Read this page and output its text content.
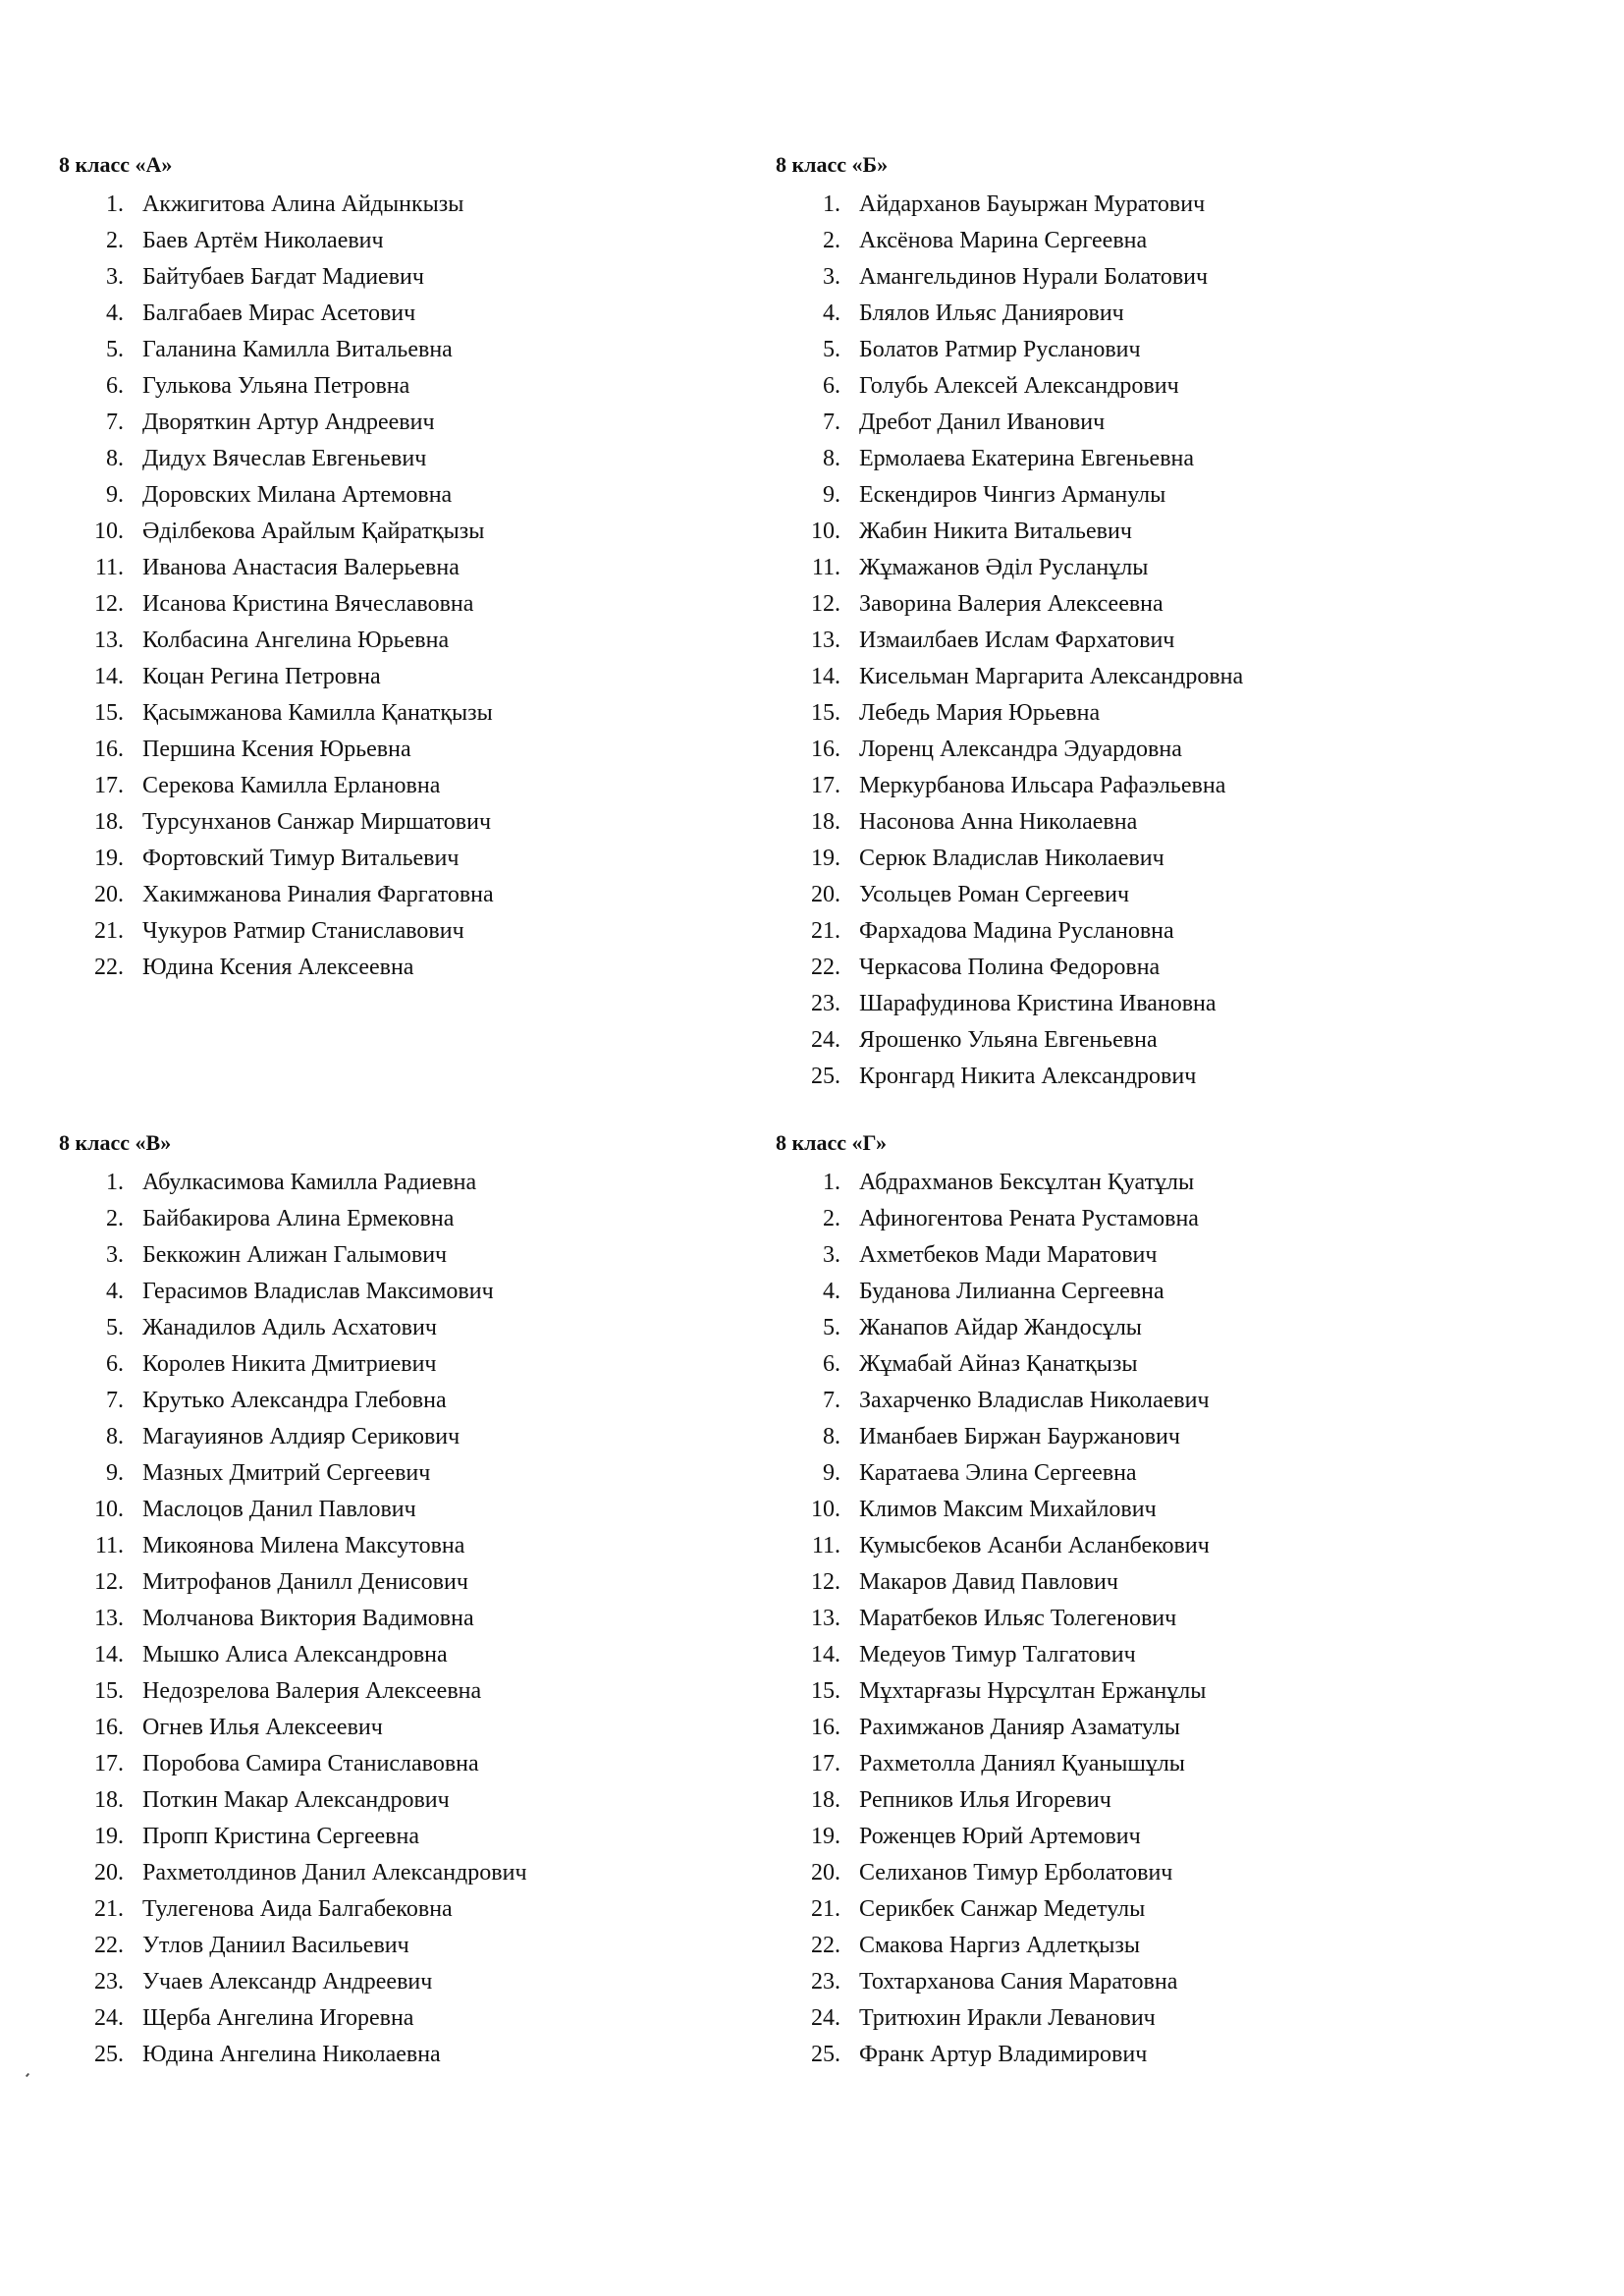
8 класс «А»
1. Акжигитова Алина Айдынкызы
2. Баев Артём Николаевич
3. Байтубаев Бағдат Мадиевич
4. Балгабаев Мирас Асетович
5. Галанина Камилла Витальевна
6. Гулькова Ульяна Петровна
7. Дворяткин Артур Андреевич
8. Дидух Вячеслав Евгеньевич
9. Доровских Милана Артемовна
10. Әділбекова Арайлым Қайратқызы
11. Иванова Анастасия Валерьевна
12. Исанова Кристина Вячеславовна
13. Колбасина Ангелина Юрьевна
14. Коцан Регина Петровна
15. Қасымжанова Камилла Қанатқызы
16. Першина Ксения Юрьевна
17. Серекова Камилла Ерлановна
18. Турсунханов Санжар Миршатович
19. Фортовский Тимур Витальевич
20. Хакимжанова Риналия Фаргатовна
21. Чукуров Ратмир Станиславович
22. Юдина Ксения Алексеевна
8 класс «Б»
1. Айдарханов Бауыржан Муратович
2. Аксёнова Марина Сергеевна
3. Амангельдинов Нурали Болатович
4. Блялов Ильяс Даниярович
5. Болатов Ратмир Русланович
6. Голубь Алексей Александрович
7. Дребот Данил Иванович
8. Ермолаева Екатерина Евгеньевна
9. Ескендиров Чингиз Арманулы
10. Жабин Никита Витальевич
11. Жұмажанов Әділ Русланұлы
12. Заворина Валерия Алексеевна
13. Измаилбаев Ислам Фархатович
14. Кисельман Маргарита Александровна
15. Лебедь Мария Юрьевна
16. Лоренц Александра Эдуардовна
17. Меркурбанова Ильсара Рафаэльевна
18. Насонова Анна Николаевна
19. Серюк Владислав Николаевич
20. Усольцев Роман Сергеевич
21. Фархадова Мадина Руслановна
22. Черкасова Полина Федоровна
23. Шарафудинова Кристина Ивановна
24. Ярошенко Ульяна Евгеньевна
25. Кронгард Никита Александрович
8 класс «В»
1. Абулкасимова Камилла Радиевна
2. Байбакирова Алина Ермековна
3. Беккожин Алижан Галымович
4. Герасимов Владислав Максимович
5. Жанадилов Адиль Асхатович
6. Королев Никита Дмитриевич
7. Крутько Александра Глебовна
8. Магауиянов Алдияр Серикович
9. Мазных Дмитрий Сергеевич
10. Маслоцов Данил Павлович
11. Микоянова Милена Максутовна
12. Митрофанов Данилл Денисович
13. Молчанова Виктория Вадимовна
14. Мышко Алиса Александровна
15. Недозрелова Валерия Алексеевна
16. Огнев Илья Алексеевич
17. Поробова Самира Станиславовна
18. Поткин Макар Александрович
19. Пропп Кристина Сергеевна
20. Рахметолдинов Данил Александрович
21. Тулегенова Аида Балгабековна
22. Утлов Даниил Васильевич
23. Учаев Александр Андреевич
24. Щерба Ангелина Игоревна
25. Юдина Ангелина Николаевна
8 класс «Г»
1. Абдрахманов Бексұлтан Қуатұлы
2. Афиногентова Рената Рустамовна
3. Ахметбеков Мади Маратович
4. Буданова Лилианна Сергеевна
5. Жанапов Айдар Жандосұлы
6. Жұмабай Айназ Қанатқызы
7. Захарченко Владислав Николаевич
8. Иманбаев Биржан Бауржанович
9. Каратаева Элина Сергеевна
10. Климов Максим Михайлович
11. Кумысбеков Асанби Асланбекович
12. Макаров Давид Павлович
13. Маратбеков Ильяс Толегенович
14. Медеуов Тимур Талгатович
15. Мұхтарғазы Нұрсұлтан Ержанұлы
16. Рахимжанов Данияр Азаматулы
17. Рахметолла Даниял Қуанышұлы
18. Репников Илья Игоревич
19. Роженцев Юрий Артемович
20. Селиханов Тимур Ерболатович
21. Серикбек Санжар Медетулы
22. Смакова Наргиз Адлетқызы
23. Тохтарханова Сания Маратовна
24. Тритюхин Иракли Леванович
25. Франк Артур Владимирович
